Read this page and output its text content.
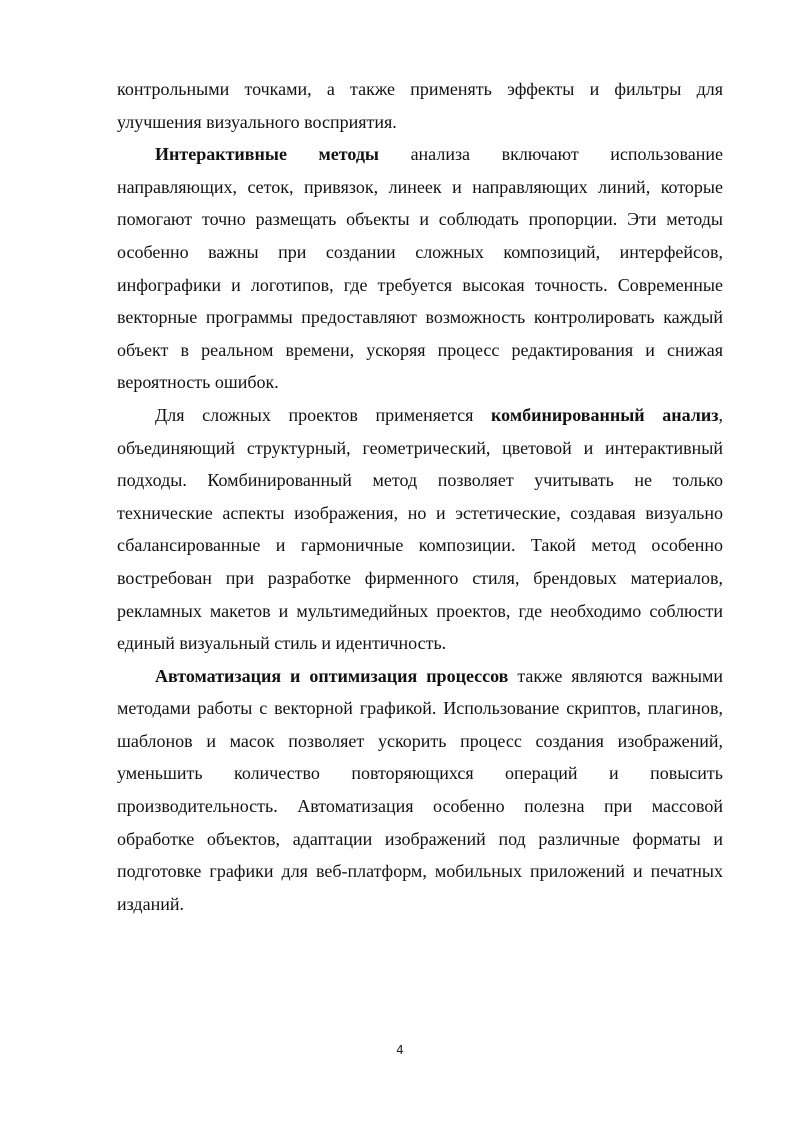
контрольными точками, а также применять эффекты и фильтры для улучшения визуального восприятия.

Интерактивные методы анализа включают использование направляющих, сеток, привязок, линеек и направляющих линий, которые помогают точно размещать объекты и соблюдать пропорции. Эти методы особенно важны при создании сложных композиций, интерфейсов, инфографики и логотипов, где требуется высокая точность. Современные векторные программы предоставляют возможность контролировать каждый объект в реальном времени, ускоряя процесс редактирования и снижая вероятность ошибок.

Для сложных проектов применяется комбинированный анализ, объединяющий структурный, геометрический, цветовой и интерактивный подходы. Комбинированный метод позволяет учитывать не только технические аспекты изображения, но и эстетические, создавая визуально сбалансированные и гармоничные композиции. Такой метод особенно востребован при разработке фирменного стиля, брендовых материалов, рекламных макетов и мультимедийных проектов, где необходимо соблюсти единый визуальный стиль и идентичность.

Автоматизация и оптимизация процессов также являются важными методами работы с векторной графикой. Использование скриптов, плагинов, шаблонов и масок позволяет ускорить процесс создания изображений, уменьшить количество повторяющихся операций и повысить производительность. Автоматизация особенно полезна при массовой обработке объектов, адаптации изображений под различные форматы и подготовке графики для веб-платформ, мобильных приложений и печатных изданий.

4
